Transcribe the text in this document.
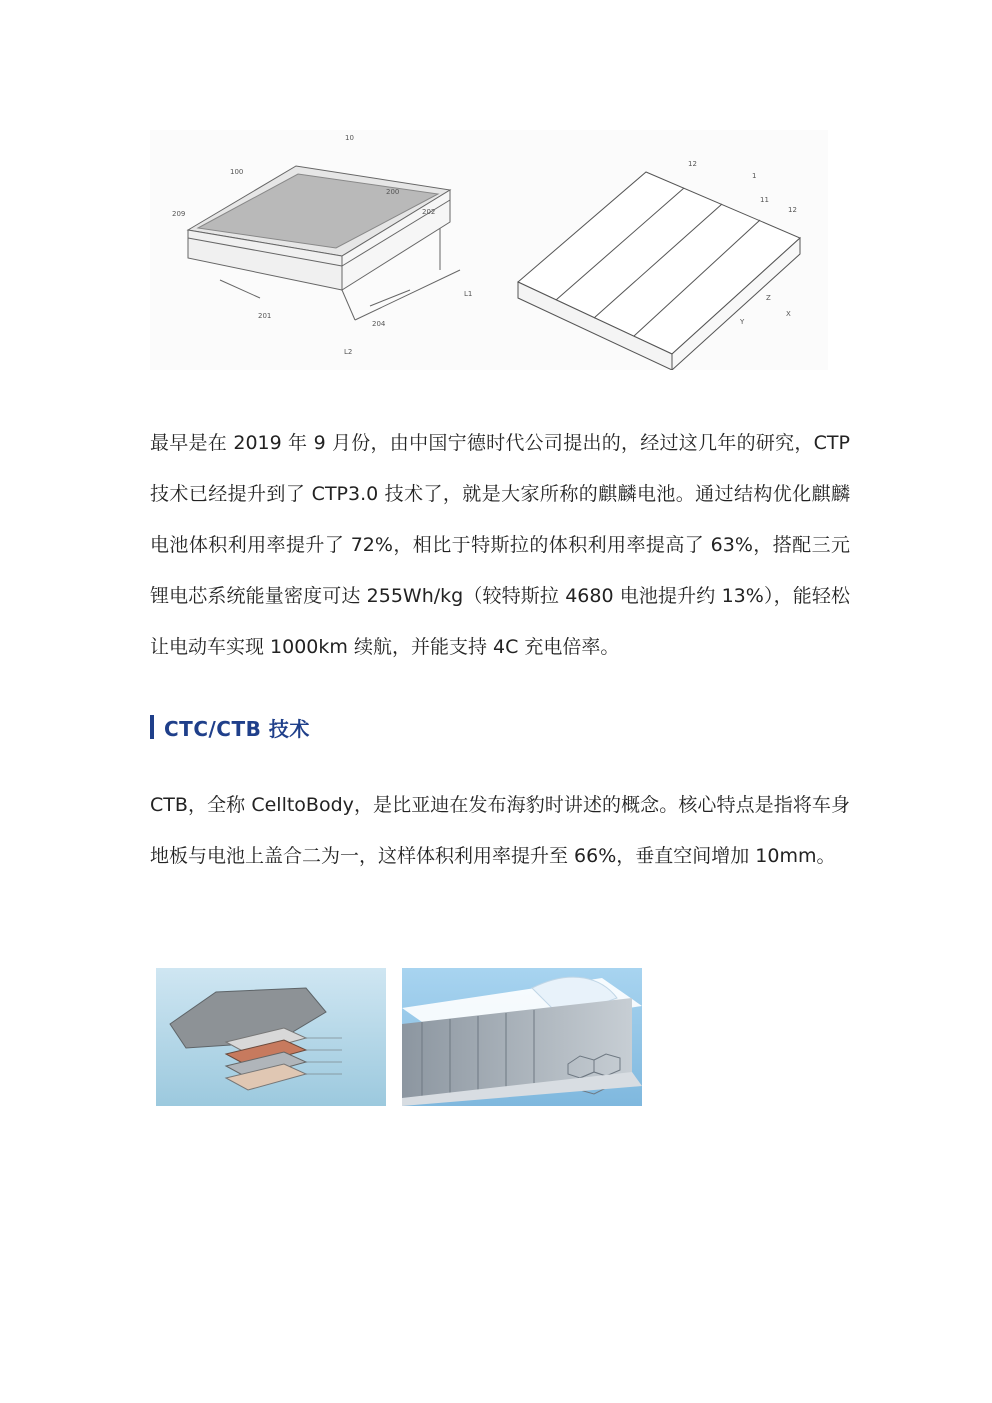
10
100
200
209	202
201
204
L1
L2
12
1
11
12
Z
Y
X

最早是在 2019 年 9 月份，由中国宁德时代公司提出的，经过这几年的研究，CTP 技术已经提升到了 CTP3.0 技术了，就是大家所称的麒麟电池。通过结构优化麒麟电池体积利用率提升了 72%，相比于特斯拉的体积利用率提高了 63%，搭配三元锂电芯系统能量密度可达 255Wh/kg（较特斯拉 4680 电池提升约 13%），能轻松让电动车实现 1000km 续航，并能支持 4C 充电倍率。

CTC/CTB 技术

CTB，全称 CelltoBody，是比亚迪在发布海豹时讲述的概念。核心特点是指将车身地板与电池上盖合二为一，这样体积利用率提升至 66%，垂直空间增加 10mm。
